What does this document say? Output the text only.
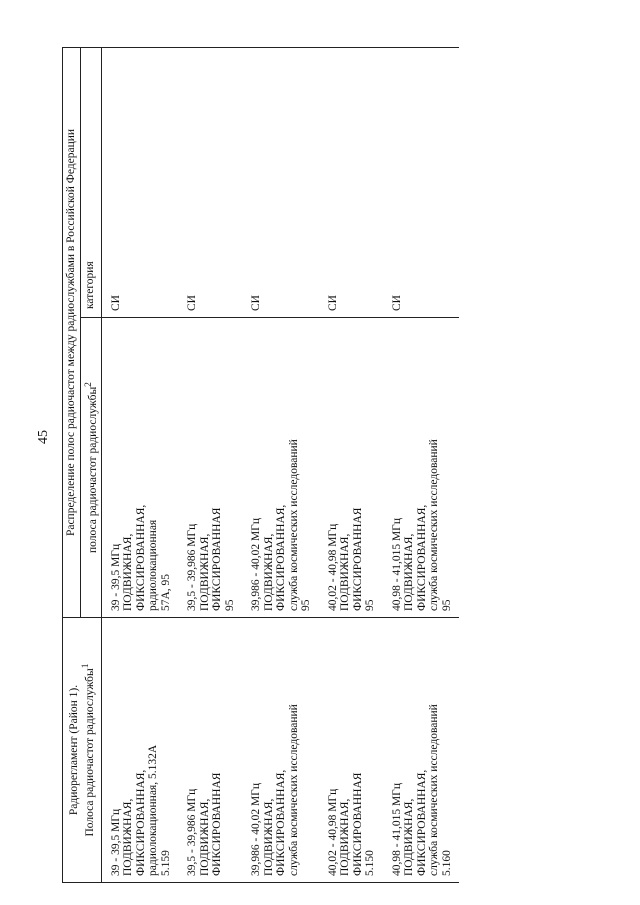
45
Радиорегламент (Район 1). Полоса радиочастот радиослужбы$^1$	Распределение полос радиочастот между радиослужбами в Российской Федерации	
	полоса радиочастот радиослужбы$^2$	категория

39 - 39,5 МГц ПОДВИЖНАЯ, ФИКСИРОВАННАЯ, радиолокационная, 5.132А 5.159	39 - 39,5 МГц ПОДВИЖНАЯ, ФИКСИРОВАННАЯ, радиолокационная 57А, 95	СИ

39,5 - 39,986 МГц ПОДВИЖНАЯ, ФИКСИРОВАННАЯ	39,5 - 39,986 МГц ПОДВИЖНАЯ, ФИКСИРОВАННАЯ 95	СИ

39,986 - 40,02 МГц ПОДВИЖНАЯ, ФИКСИРОВАННАЯ, служба космических исследований	39,986 - 40,02 МГц ПОДВИЖНАЯ, ФИКСИРОВАННАЯ, служба космических исследований 95	СИ

40,02 - 40,98 МГц ПОДВИЖНАЯ, ФИКСИРОВАННАЯ 5.150	40,02 - 40,98 МГц ПОДВИЖНАЯ, ФИКСИРОВАННАЯ 95	СИ

40,98 - 41,015 МГц ПОДВИЖНАЯ, ФИКСИРОВАННАЯ, служба космических исследований 5.160	40,98 - 41,015 МГц ПОДВИЖНАЯ, ФИКСИРОВАННАЯ, служба космических исследований 95	СИ
